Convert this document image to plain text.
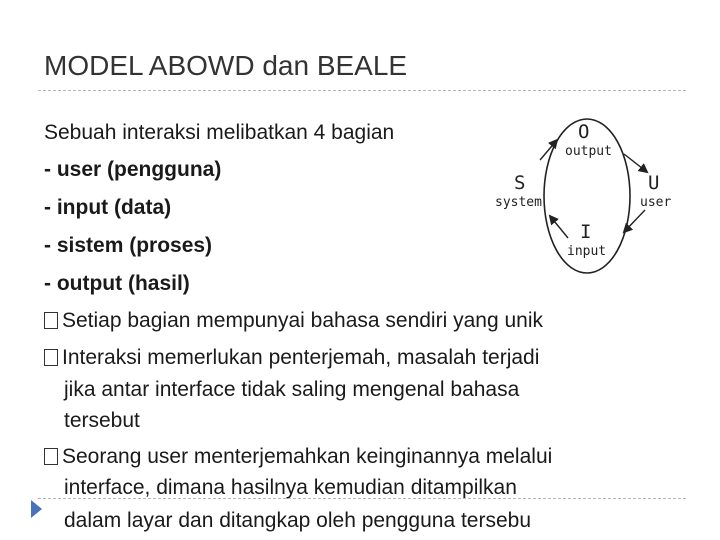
MODEL ABOWD dan BEALE
Sebuah interaksi melibatkan 4 bagian
- user (pengguna)
- input (data)
- sistem (proses)
- output (hasil)
Setiap bagian mempunyai bahasa sendiri yang unik
Interaksi memerlukan penterjemah, masalah terjadi
jika antar interface tidak saling mengenal bahasa
tersebut
Seorang user menterjemahkan keinginannya melalui
interface, dimana hasilnya kemudian ditampilkan
dalam layar dan ditangkap oleh pengguna tersebu
O
output
S
system
U
user
I
input
